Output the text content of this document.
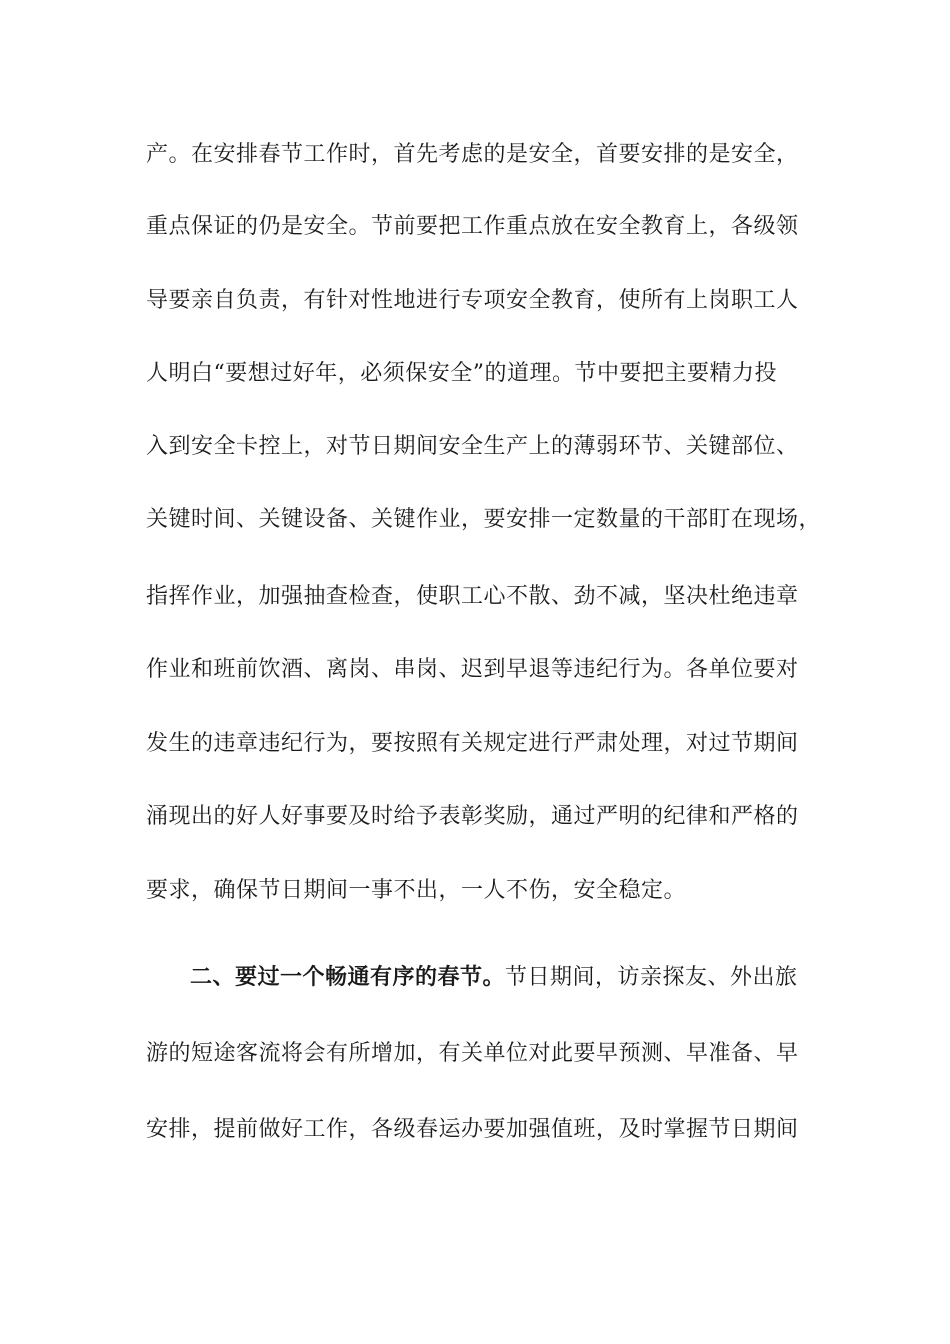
产。在安排春节工作时，首先考虑的是安全，首要安排的是安全，
重点保证的仍是安全。节前要把工作重点放在安全教育上，各级领
导要亲自负责，有针对性地进行专项安全教育，使所有上岗职工人
人明白“要想过好年，必须保安全”的道理。节中要把主要精力投
入到安全卡控上，对节日期间安全生产上的薄弱环节、关键部位、
关键时间、关键设备、关键作业，要安排一定数量的干部盯在现场，
指挥作业，加强抽查检查，使职工心不散、劲不减，坚决杜绝违章
作业和班前饮酒、离岗、串岗、迟到早退等违纪行为。各单位要对
发生的违章违纪行为，要按照有关规定进行严肃处理，对过节期间
涌现出的好人好事要及时给予表彰奖励，通过严明的纪律和严格的
要求，确保节日期间一事不出，一人不伤，安全稳定。
二、要过一个畅通有序的春节。节日期间，访亲探友、外出旅
游的短途客流将会有所增加，有关单位对此要早预测、早准备、早
安排，提前做好工作，各级春运办要加强值班，及时掌握节日期间
